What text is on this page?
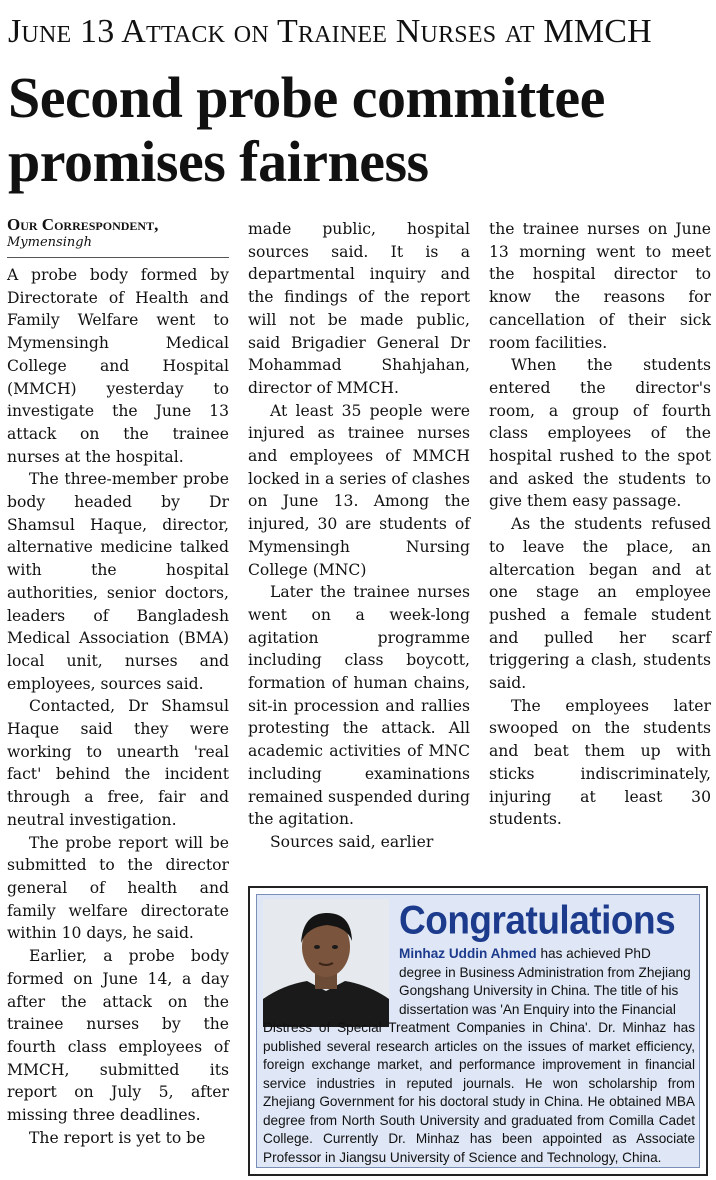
June 13 Attack on Trainee Nurses at MMCH
Second probe committee promises fairness
Our Correspondent,
Mymensingh

A probe body formed by Directorate of Health and Family Welfare went to Mymensingh Medical College and Hospital (MMCH) yesterday to investigate the June 13 attack on the trainee nurses at the hospital.

The three-member probe body headed by Dr Shamsul Haque, director, alternative medicine talked with the hospital authorities, senior doctors, leaders of Bangladesh Medical Association (BMA) local unit, nurses and employees, sources said.

Contacted, Dr Shamsul Haque said they were working to unearth 'real fact' behind the incident through a free, fair and neutral investigation.

The probe report will be submitted to the director general of health and family welfare directorate within 10 days, he said.

Earlier, a probe body formed on June 14, a day after the attack on the trainee nurses by the fourth class employees of MMCH, submitted its report on July 5, after missing three deadlines.

The report is yet to be

made public, hospital sources said. It is a departmental inquiry and the findings of the report will not be made public, said Brigadier General Dr Mohammad Shahjahan, director of MMCH.

At least 35 people were injured as trainee nurses and employees of MMCH locked in a series of clashes on June 13. Among the injured, 30 are students of Mymensingh Nursing College (MNC)

Later the trainee nurses went on a week-long agitation programme including class boycott, formation of human chains, sit-in procession and rallies protesting the attack. All academic activities of MNC including examinations remained suspended during the agitation.

Sources said, earlier

the trainee nurses on June 13 morning went to meet the hospital director to know the reasons for cancellation of their sick room facilities.

When the students entered the director's room, a group of fourth class employees of the hospital rushed to the spot and asked the students to give them easy passage.

As the students refused to leave the place, an altercation began and at one stage an employee pushed a female student and pulled her scarf triggering a clash, students said.

The employees later swooped on the students and beat them up with sticks indiscriminately, injuring at least 30 students.

Congratulations
Minhaz Uddin Ahmed has achieved PhD
degree in Business Administration from Zhejiang
Gongshang University in China. The title of his
dissertation was 'An Enquiry into the Financial
Distress of Special Treatment Companies in China'. Dr. Minhaz has published several research articles on the issues of market efficiency, foreign exchange market, and performance improvement in financial service industries in reputed journals. He won scholarship from Zhejiang Government for his doctoral study in China. He obtained MBA degree from North South University and graduated from Comilla Cadet College. Currently Dr. Minhaz has been appointed as Associate Professor in Jiangsu University of Science and Technology, China.
